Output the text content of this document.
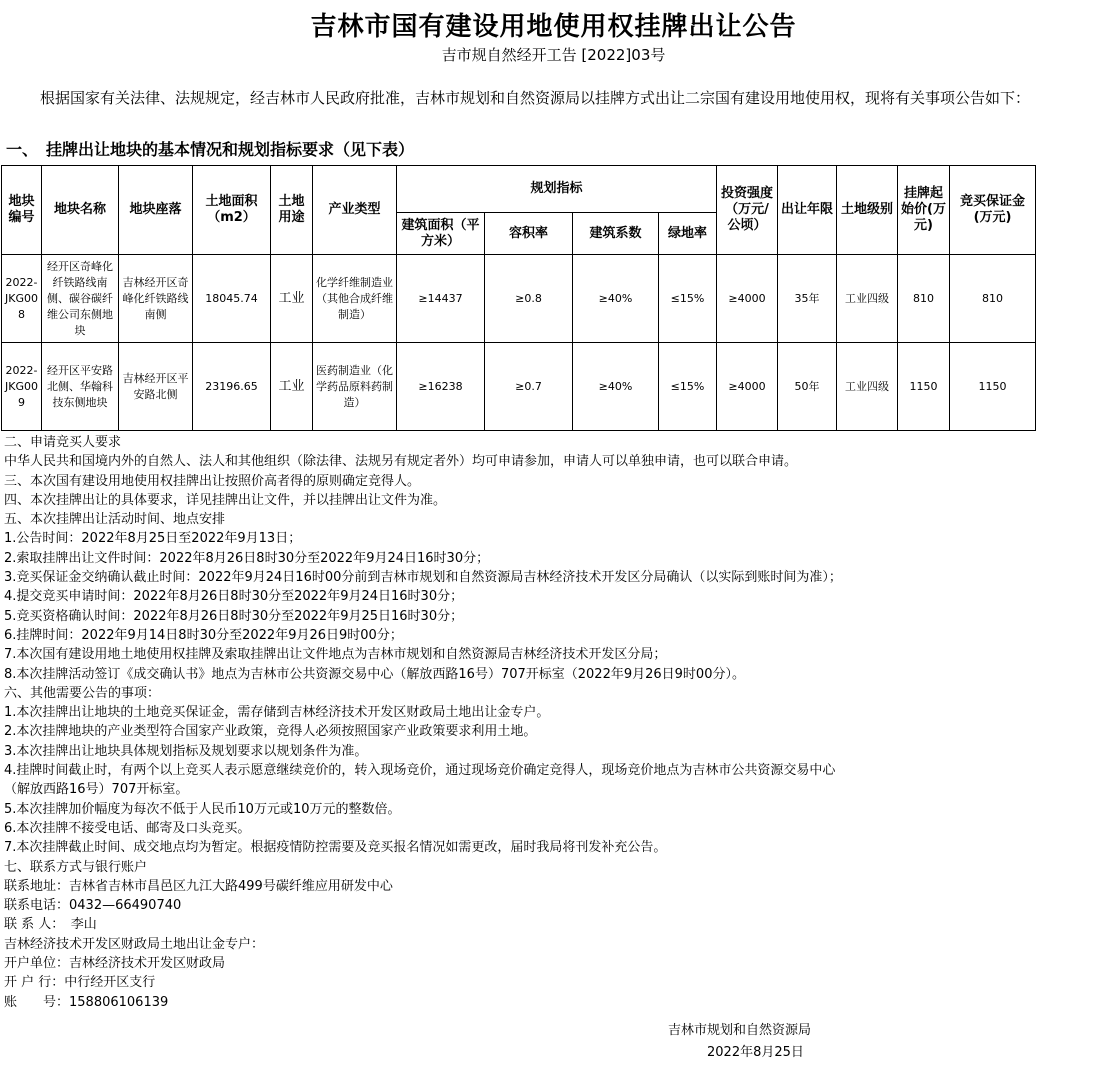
吉林市国有建设用地使用权挂牌出让公告
吉市规自然经开工告 [2022]03号
根据国家有关法律、法规规定，经吉林市人民政府批准，吉林市规划和自然资源局以挂牌方式出让二宗国有建设用地使用权，现将有关事项公告如下：
一、　挂牌出让地块的基本情况和规划指标要求（见下表）
地块编号	地块名称	地块座落	土地面积（m2）	土地用途	产业类型	规划指标				投资强度（万元/公顷）	出让年限	土地级别	挂牌起始价(万元)	竞买保证金(万元)
						建筑面积（平方米）	容积率	建筑系数	绿地率					
2022-JKG008	经开区奇峰化纤铁路线南侧、碳谷碳纤维公司东侧地块	吉林经开区奇峰化纤铁路线南侧	18045.74	工业	化学纤维制造业（其他合成纤维制造）	≥14437	≥0.8	≥40%	≤15%	≥4000	35年	工业四级	810	810
2022-JKG009	经开区平安路北侧、华翰科技东侧地块	吉林经开区平安路北侧	23196.65	工业	医药制造业（化学药品原料药制造）	≥16238	≥0.7	≥40%	≤15%	≥4000	50年	工业四级	1150	1150
二、申请竞买人要求
中华人民共和国境内外的自然人、法人和其他组织（除法律、法规另有规定者外）均可申请参加，申请人可以单独申请，也可以联合申请。
三、本次国有建设用地使用权挂牌出让按照价高者得的原则确定竞得人。
四、本次挂牌出让的具体要求，详见挂牌出让文件，并以挂牌出让文件为准。
五、本次挂牌出让活动时间、地点安排
1.公告时间：2022年8月25日至2022年9月13日；
2.索取挂牌出让文件时间：2022年8月26日8时30分至2022年9月24日16时30分；
3.竞买保证金交纳确认截止时间：2022年9月24日16时00分前到吉林市规划和自然资源局吉林经济技术开发区分局确认（以实际到账时间为准）；
4.提交竞买申请时间：2022年8月26日8时30分至2022年9月24日16时30分；
5.竞买资格确认时间：2022年8月26日8时30分至2022年9月25日16时30分；
6.挂牌时间：2022年9月14日8时30分至2022年9月26日9时00分；
7.本次国有建设用地土地使用权挂牌及索取挂牌出让文件地点为吉林市规划和自然资源局吉林经济技术开发区分局；
8.本次挂牌活动签订《成交确认书》地点为吉林市公共资源交易中心（解放西路16号）707开标室（2022年9月26日9时00分）。
六、其他需要公告的事项：
1.本次挂牌出让地块的土地竞买保证金，需存储到吉林经济技术开发区财政局土地出让金专户。
2.本次挂牌地块的产业类型符合国家产业政策，竞得人必须按照国家产业政策要求利用土地。
3.本次挂牌出让地块具体规划指标及规划要求以规划条件为准。
4.挂牌时间截止时，有两个以上竞买人表示愿意继续竞价的，转入现场竞价，通过现场竞价确定竞得人，现场竞价地点为吉林市公共资源交易中心
（解放西路16号）707开标室。
5.本次挂牌加价幅度为每次不低于人民币10万元或10万元的整数倍。
6.本次挂牌不接受电话、邮寄及口头竞买。
7.本次挂牌截止时间、成交地点均为暂定。根据疫情防控需要及竞买报名情况如需更改，届时我局将刊发补充公告。
七、联系方式与银行账户
联系地址：吉林省吉林市昌邑区九江大路499号碳纤维应用研发中心
联系电话：0432—66490740
联 系 人：　李山
吉林经济技术开发区财政局土地出让金专户：
开户单位：吉林经济技术开发区财政局
开 户 行：中行经开区支行
账　　号：158806106139
吉林市规划和自然资源局
2022年8月25日
